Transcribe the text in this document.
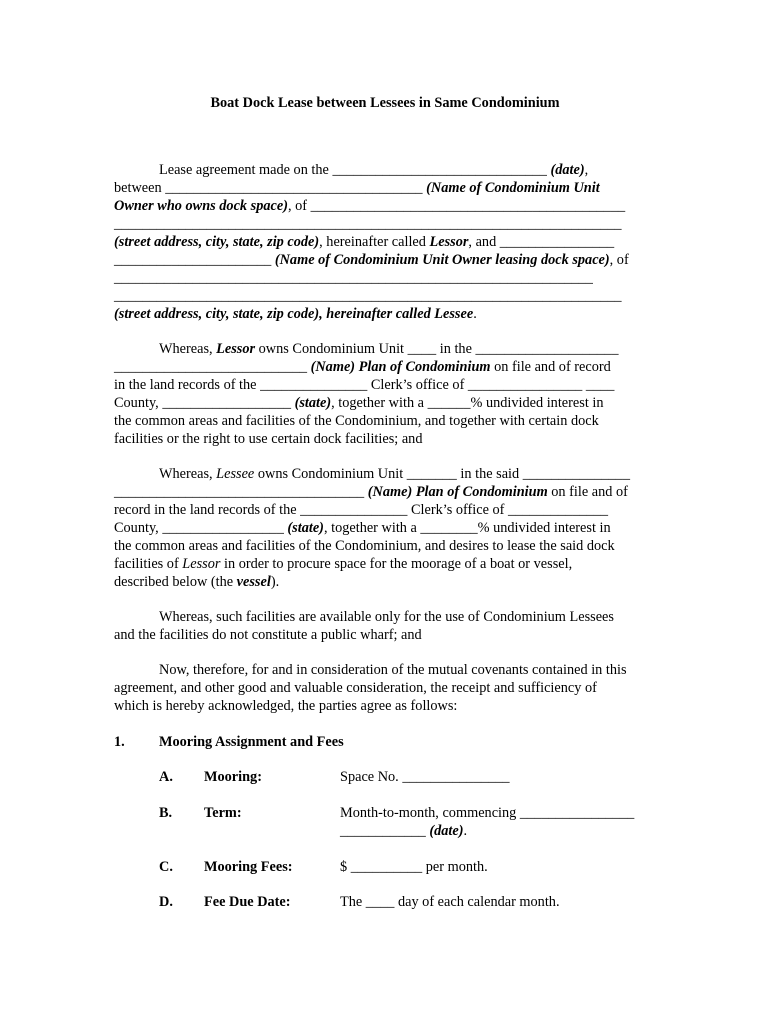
Boat Dock Lease between Lessees in Same Condominium
Lease agreement made on the ______________________________ (date),
between ____________________________________ (Name of Condominium Unit
Owner who owns dock space), of ____________________________________________
_______________________________________________________________________
(street address, city, state, zip code), hereinafter called Lessor, and ________________
______________________ (Name of Condominium Unit Owner leasing dock space), of
___________________________________________________________________
_______________________________________________________________________
(street address, city, state, zip code), hereinafter called Lessee.
Whereas, Lessor owns Condominium Unit ____ in the ____________________
___________________________ (Name) Plan of Condominium on file and of record
in the land records of the _______________ Clerk’s office of ________________ ____
County, __________________ (state), together with a ______% undivided interest in
the common areas and facilities of the Condominium, and together with certain dock
facilities or the right to use certain dock facilities; and
Whereas, Lessee owns Condominium Unit _______ in the said _______________
___________________________________ (Name) Plan of Condominium on file and of
record in the land records of the _______________ Clerk’s office of ______________
County, _________________ (state), together with a ________% undivided interest in
the common areas and facilities of the Condominium, and desires to lease the said dock
facilities of Lessor in order to procure space for the moorage of a boat or vessel,
described below (the vessel).
Whereas, such facilities are available only for the use of Condominium Lessees
and the facilities do not constitute a public wharf; and
Now, therefore, for and in consideration of the mutual covenants contained in this
agreement, and other good and valuable consideration, the receipt and sufficiency of
which is hereby acknowledged, the parties agree as follows:
1. Mooring Assignment and Fees
A. Mooring:	Space No. _______________
B. Term:	Month-to-month, commencing ________________
____________ (date).
C. Mooring Fees:	$ __________ per month.
D. Fee Due Date:	The ____ day of each calendar month.
